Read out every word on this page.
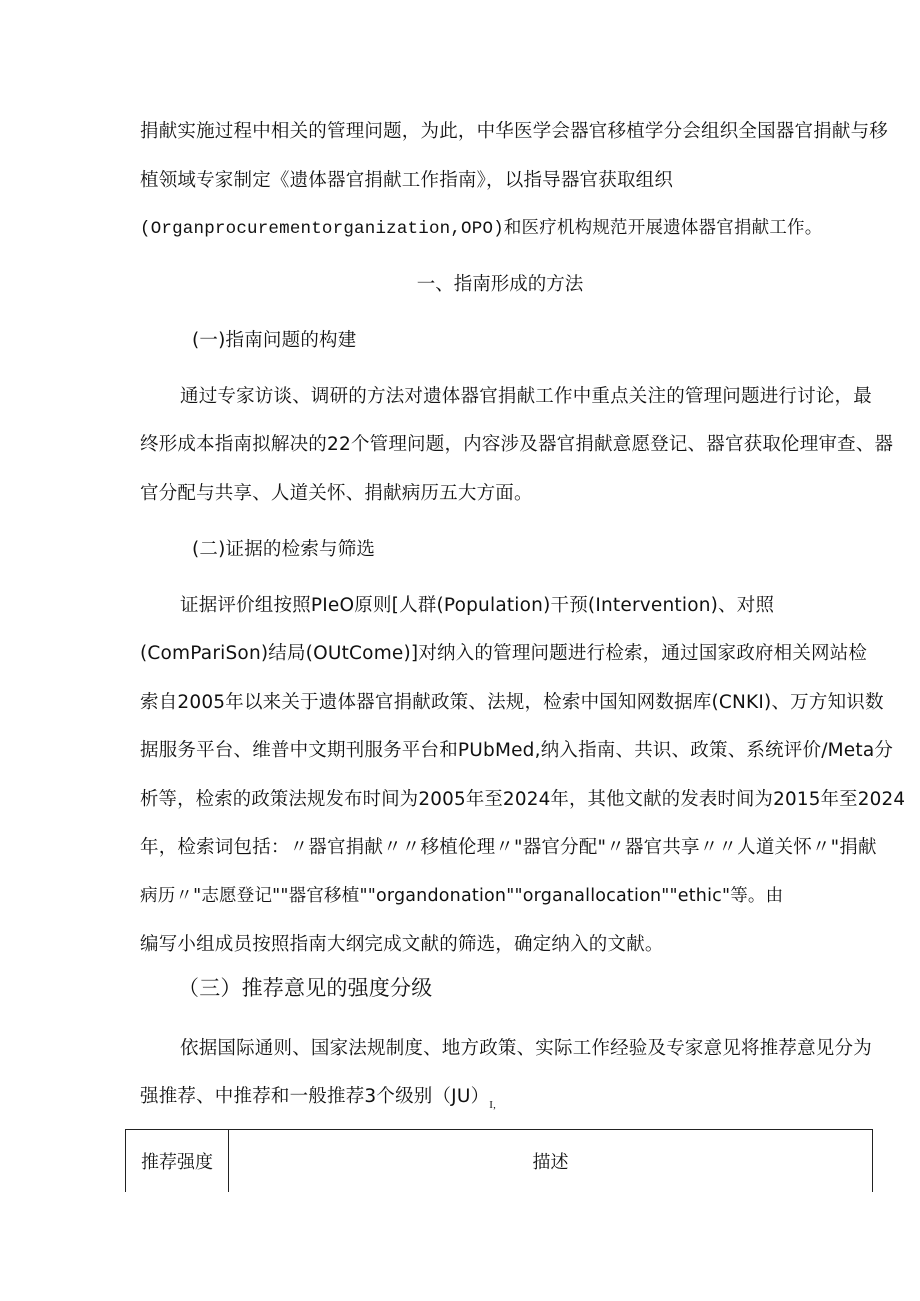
捐献实施过程中相关的管理问题，为此，中华医学会器官移植学分会组织全国器官捐献与移
植领域专家制定《遗体器官捐献工作指南》，以指导器官获取组织
(Organprocurementorganization,OPO)和医疗机构规范开展遗体器官捐献工作。
一、指南形成的方法
(一)指南问题的构建
通过专家访谈、调研的方法对遗体器官捐献工作中重点关注的管理问题进行讨论，最
终形成本指南拟解决的22个管理问题，内容涉及器官捐献意愿登记、器官获取伦理审查、器
官分配与共享、人道关怀、捐献病历五大方面。
(二)证据的检索与筛选
证据评价组按照PIeO原则[人群(Population)干预(Intervention)、对照
(ComPariSon)结局(OUtCome)]对纳入的管理问题进行检索，通过国家政府相关网站检
索自2005年以来关于遗体器官捐献政策、法规，检索中国知网数据库(CNKI)、万方知识数
据服务平台、维普中文期刊服务平台和PUbMed,纳入指南、共识、政策、系统评价/Meta分
析等，检索的政策法规发布时间为2005年至2024年，其他文献的发表时间为2015年至2024
年，检索词包括：〃器官捐献〃〃移植伦理〃"器官分配"〃器官共享〃〃人道关怀〃"捐献
病历〃"志愿登记""器官移植""organdonation""organallocation""ethic"等。由
编写小组成员按照指南大纲完成文献的筛选，确定纳入的文献。
（三）推荐意见的强度分级
依据国际通则、国家法规制度、地方政策、实际工作经验及专家意见将推荐意见分为
强推荐、中推荐和一般推荐3个级别$(JU)_{I,}$
推荐强度	描述
